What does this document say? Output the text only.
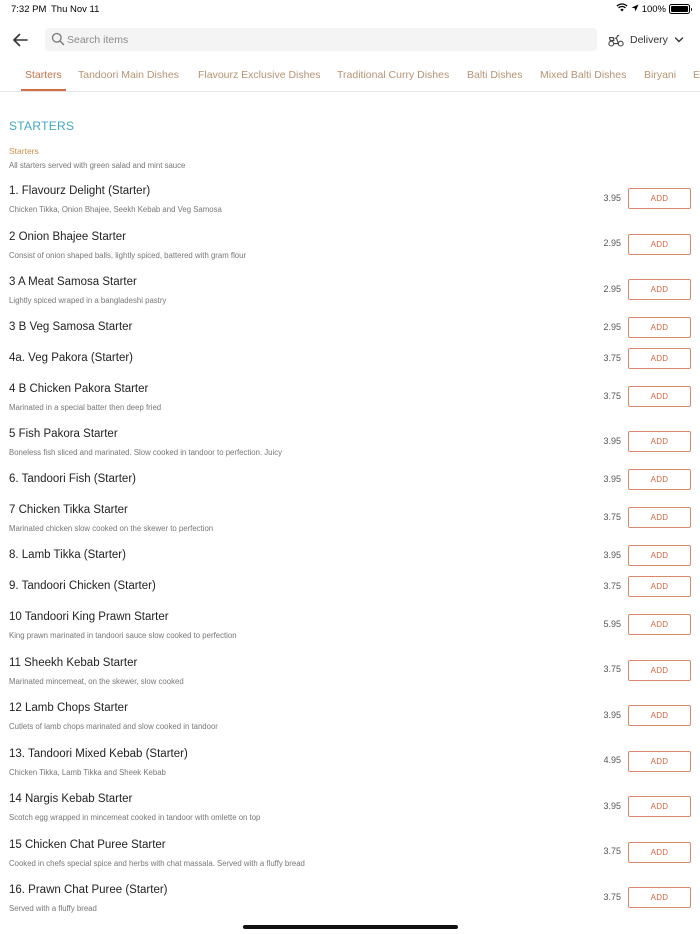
7:32 PM Thu Nov 11	100%
Search items
Delivery
Starters Tandoori Main Dishes Flavourz Exclusive Dishes Traditional Curry Dishes Balti Dishes Mixed Balti Dishes Biryani E
STARTERS
Starters
All starters served with green salad and mint sauce
1. Flavourz Delight (Starter)
Chicken Tikka, Onion Bhajee, Seekh Kebab and Veg Samosa
3.95	ADD
2 Onion Bhajee Starter
Consist of onion shaped balls, lightly spiced, battered with gram flour
2.95	ADD
3 A Meat Samosa Starter
Lightly spiced wraped in a bangladeshi pastry
2.95	ADD
3 B Veg Samosa Starter	2.95	ADD
4a. Veg Pakora (Starter)	3.75	ADD
4 B Chicken Pakora Starter
Marinated in a special batter then deep fried
3.75	ADD
5 Fish Pakora Starter
Boneless fish sliced and marinated. Slow cooked in tandoor to perfection. Juicy
3.95	ADD
6. Tandoori Fish (Starter)	3.95	ADD
7 Chicken Tikka Starter
Marinated chicken slow cooked on the skewer to perfection
3.75	ADD
8. Lamb Tikka (Starter)	3.95	ADD
9. Tandoori Chicken (Starter)	3.75	ADD
10 Tandoori King Prawn Starter
King prawn marinated in tandoori sauce slow cooked to perfection
5.95	ADD
11 Sheekh Kebab Starter
Marinated mincemeat, on the skewer, slow cooked
3.75	ADD
12 Lamb Chops Starter
Cutlets of lamb chops marinated and slow cooked in tandoor
3.95	ADD
13. Tandoori Mixed Kebab (Starter)
Chicken Tikka, Lamb Tikka and Sheek Kebab
4.95	ADD
14 Nargis Kebab Starter
Scotch egg wrapped in mincemeat cooked in tandoor with omlette on top
3.95	ADD
15 Chicken Chat Puree Starter
Cooked in chefs special spice and herbs with chat massala. Served with a fluffy bread
3.75	ADD
16. Prawn Chat Puree (Starter)
Served with a fluffy bread
3.75	ADD
